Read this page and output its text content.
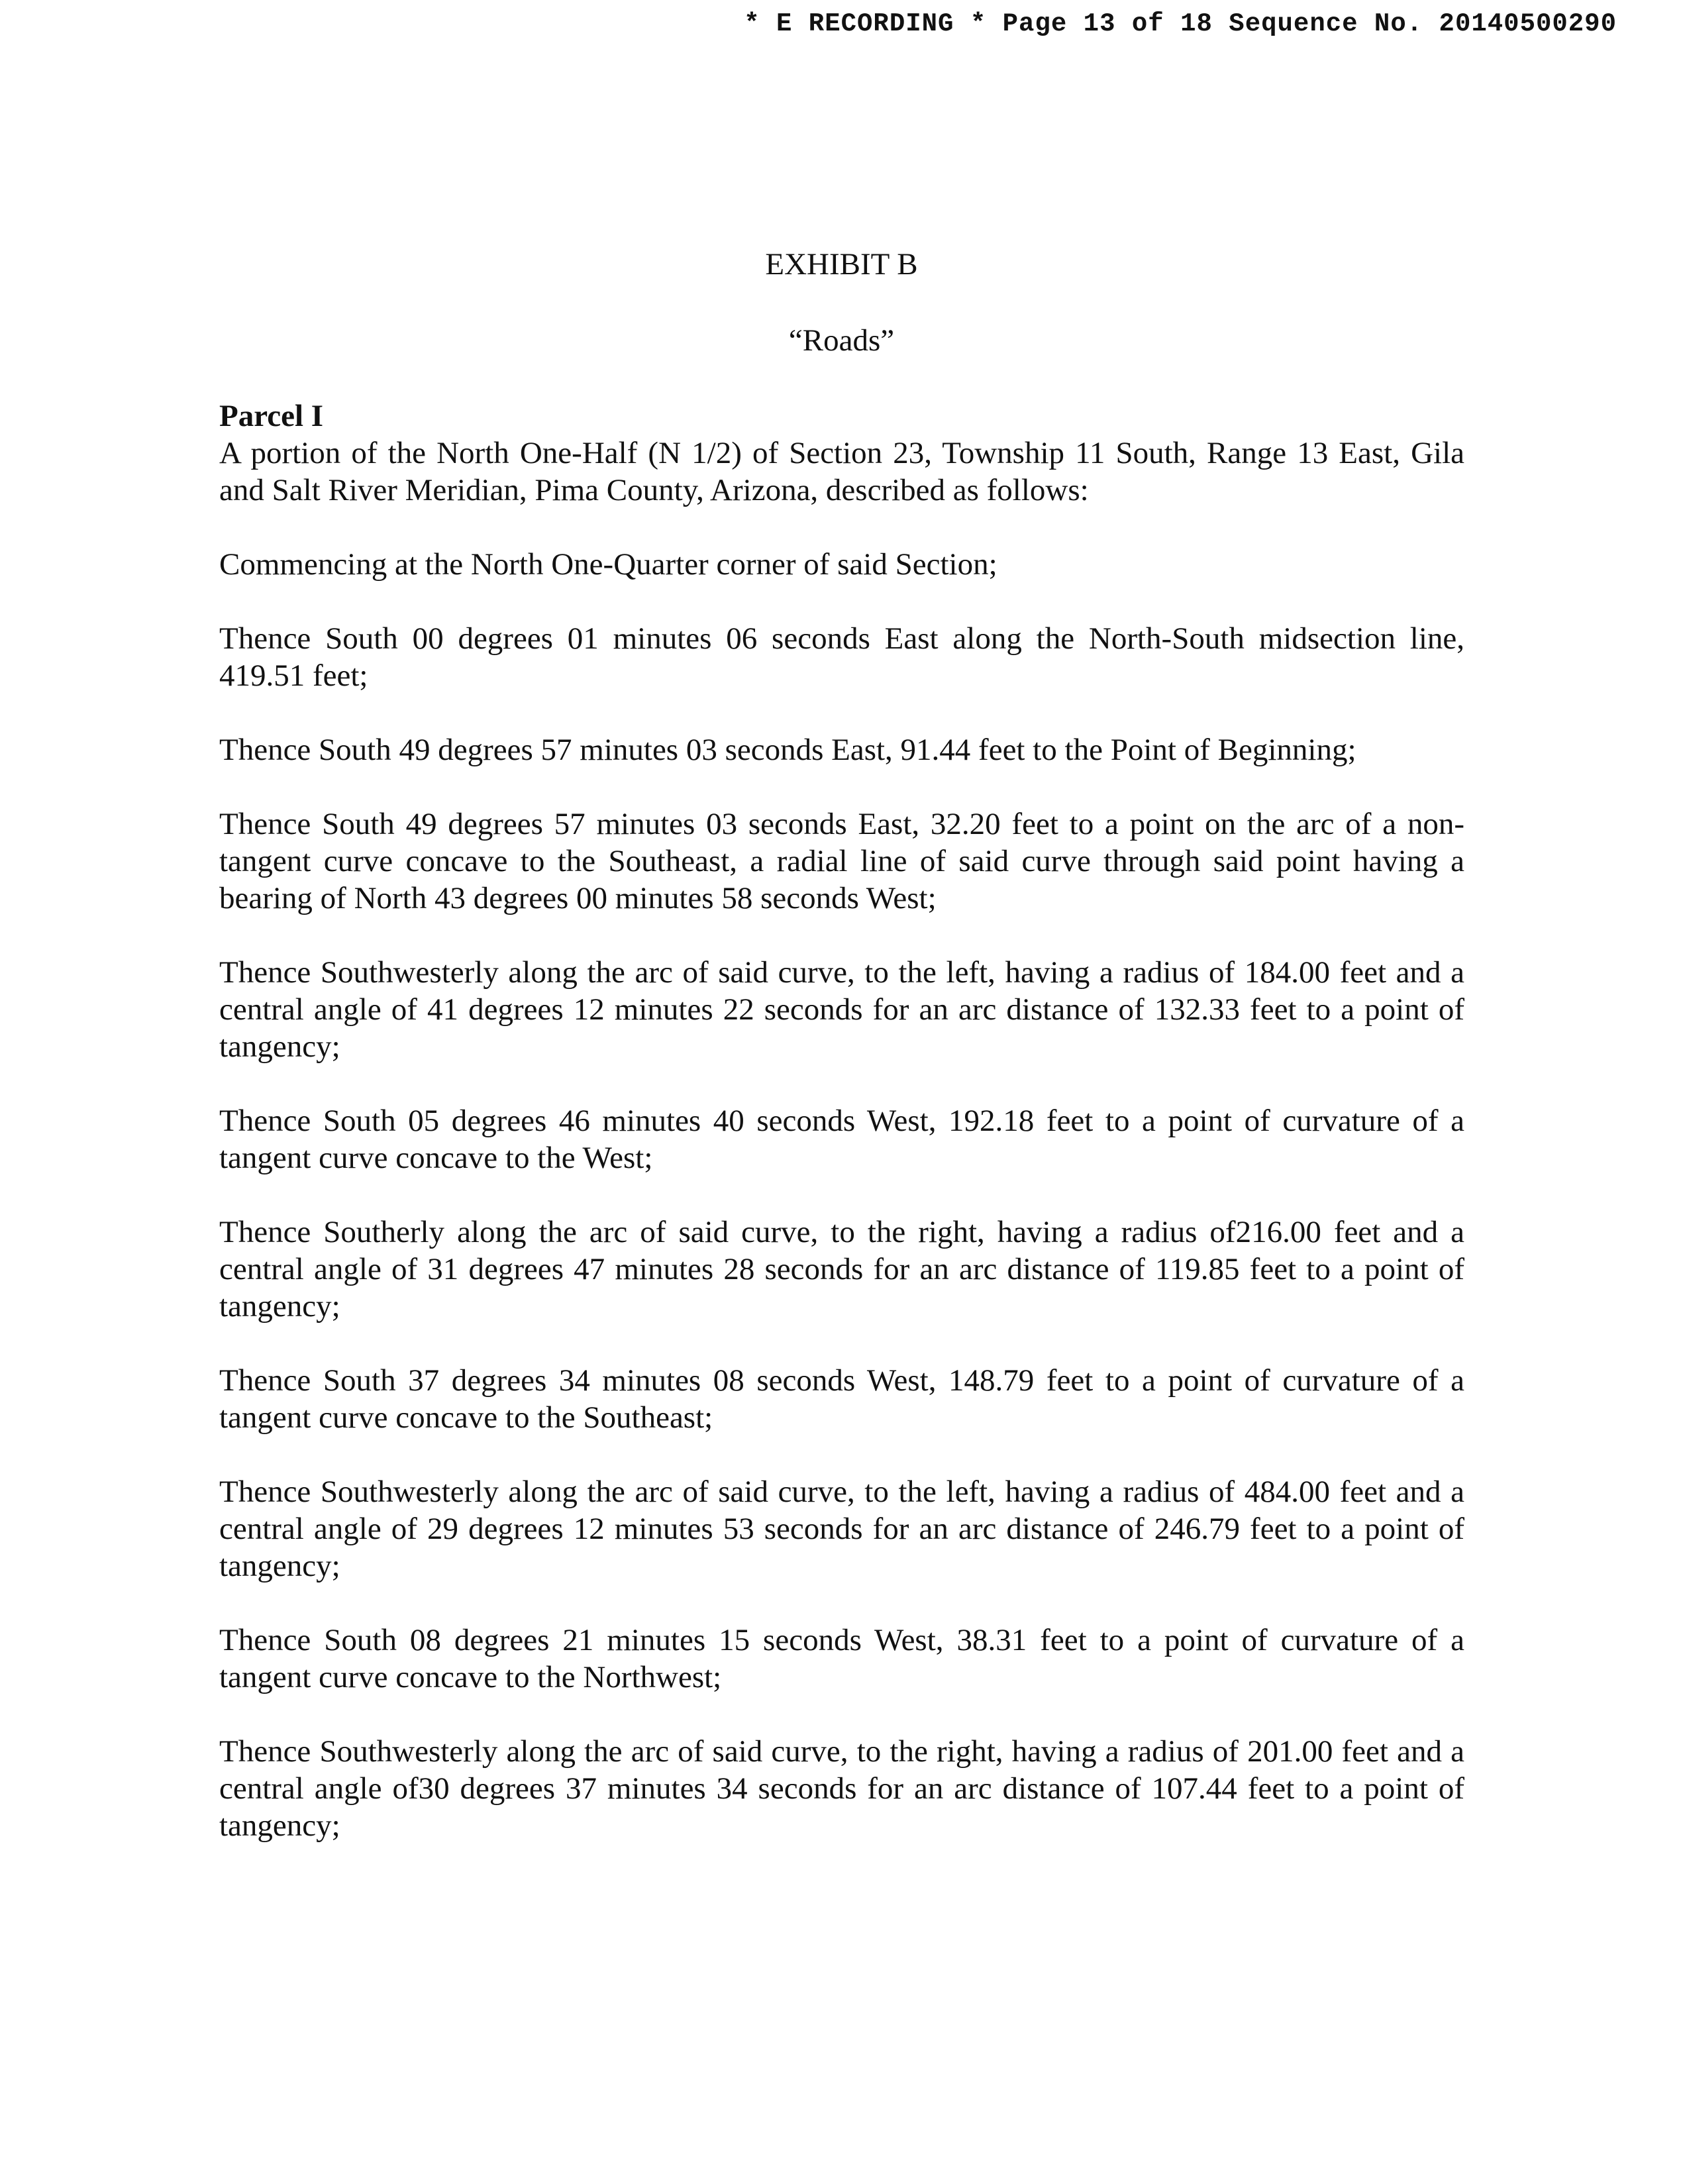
* E RECORDING * Page 13 of 18 Sequence No. 20140500290
EXHIBIT B
“Roads”

Parcel I

A portion of the North One-Half (N 1/2) of Section 23, Township 11 South, Range 13 East, Gila and Salt River Meridian, Pima County, Arizona, described as follows:

Commencing at the North One-Quarter corner of said Section;

Thence South 00 degrees 01 minutes 06 seconds East along the North-South midsection line, 419.51 feet;

Thence South 49 degrees 57 minutes 03 seconds East, 91.44 feet to the Point of Beginning;

Thence South 49 degrees 57 minutes 03 seconds East, 32.20 feet to a point on the arc of a non-tangent curve concave to the Southeast, a radial line of said curve through said point having a bearing of North 43 degrees 00 minutes 58 seconds West;

Thence Southwesterly along the arc of said curve, to the left, having a radius of 184.00 feet and a central angle of 41 degrees 12 minutes 22 seconds for an arc distance of 132.33 feet to a point of tangency;

Thence South 05 degrees 46 minutes 40 seconds West, 192.18 feet to a point of curvature of a tangent curve concave to the West;

Thence Southerly along the arc of said curve, to the right, having a radius of216.00 feet and a central angle of 31 degrees 47 minutes 28 seconds for an arc distance of 119.85 feet to a point of tangency;

Thence South 37 degrees 34 minutes 08 seconds West, 148.79 feet to a point of curvature of a tangent curve concave to the Southeast;

Thence Southwesterly along the arc of said curve, to the left, having a radius of 484.00 feet and a central angle of 29 degrees 12 minutes 53 seconds for an arc distance of 246.79 feet to a point of tangency;

Thence South 08 degrees 21 minutes 15 seconds West, 38.31 feet to a point of curvature of a tangent curve concave to the Northwest;

Thence Southwesterly along the arc of said curve, to the right, having a radius of 201.00 feet and a central angle of30 degrees 37 minutes 34 seconds for an arc distance of 107.44 feet to a point of tangency;
